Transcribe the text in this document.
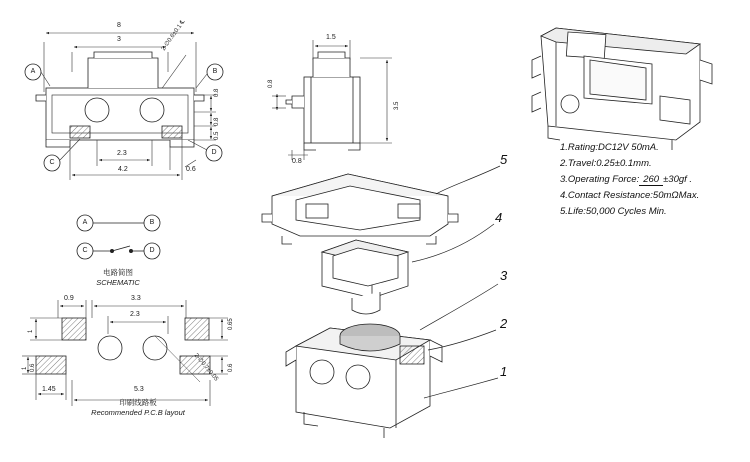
8
3	2-∅0.6±0.1 ℄
0.8
0.8
0.5
2.3
4.2	0.6
A	B
C
D
1.5
0.8
3.5
0.8
A	B
C	D
电路简图
SCHEMATIC
0.9	3.3
2.3
0.65
1
1 0.6	0.6
1.45	5.3
2-∅0.7±0.05
印刷线路板
Recommended P.C.B layout
5
4
3
2
1
1.Rating:DC12V 50mA.
2.Travel:0.25±0.1mm.
3.Operating Force: 260 ±30gf .
4.Contact Resistance:50mΩMax.
5.Life:50,000 Cycles Min.
